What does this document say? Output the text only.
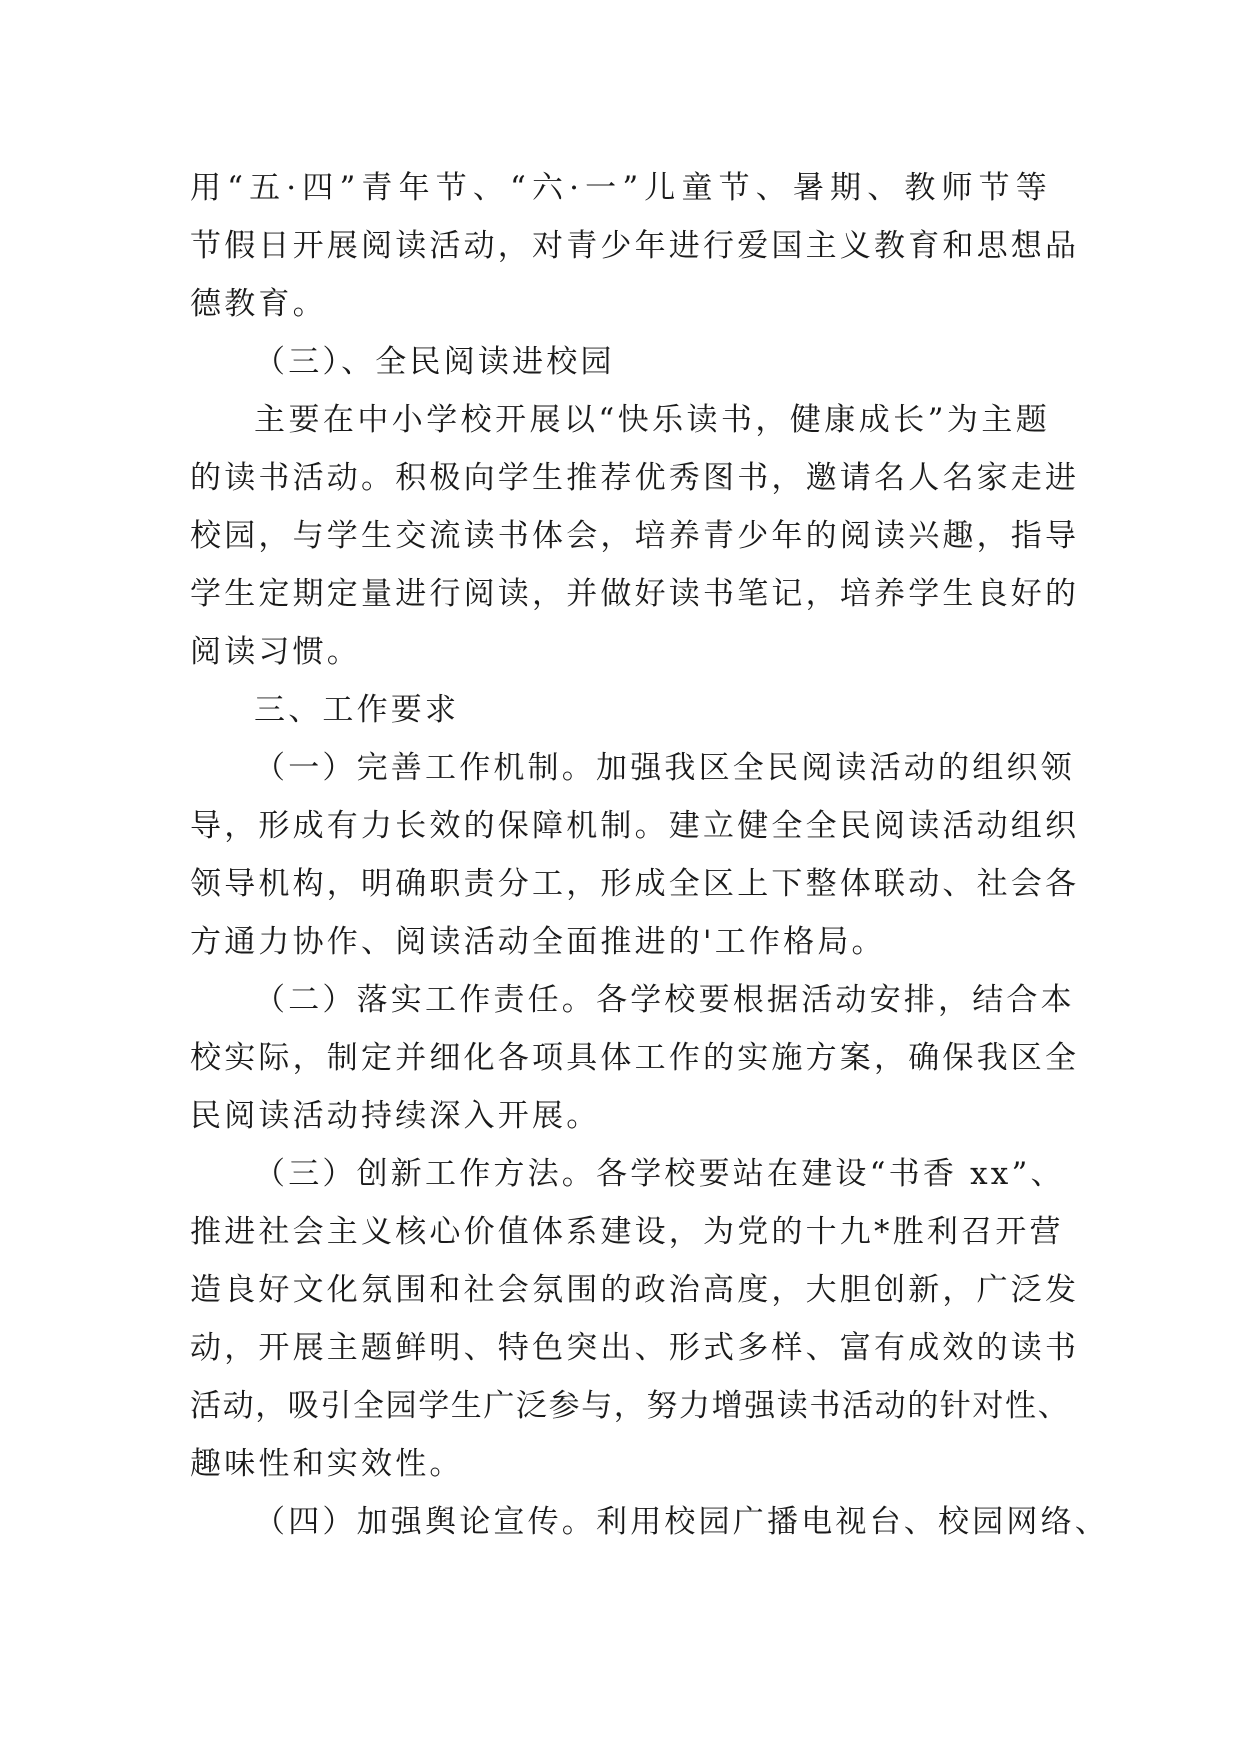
用“五·四”青年节、“六·一”儿童节、暑期、教师节等
节假日开展阅读活动，对青少年进行爱国主义教育和思想品
德教育。
（三）、全民阅读进校园
主要在中小学校开展以“快乐读书，健康成长”为主题
的读书活动。积极向学生推荐优秀图书，邀请名人名家走进
校园，与学生交流读书体会，培养青少年的阅读兴趣，指导
学生定期定量进行阅读，并做好读书笔记，培养学生良好的
阅读习惯。
三、工作要求
（一）完善工作机制。加强我区全民阅读活动的组织领
导，形成有力长效的保障机制。建立健全全民阅读活动组织
领导机构，明确职责分工，形成全区上下整体联动、社会各
方通力协作、阅读活动全面推进的'工作格局。
（二）落实工作责任。各学校要根据活动安排，结合本
校实际，制定并细化各项具体工作的实施方案，确保我区全
民阅读活动持续深入开展。
（三）创新工作方法。各学校要站在建设“书香 xx”、
推进社会主义核心价值体系建设，为党的十九*胜利召开营
造良好文化氛围和社会氛围的政治高度，大胆创新，广泛发
动，开展主题鲜明、特色突出、形式多样、富有成效的读书
活动，吸引全园学生广泛参与，努力增强读书活动的针对性、
趣味性和实效性。
（四）加强舆论宣传。利用校园广播电视台、校园网络、
